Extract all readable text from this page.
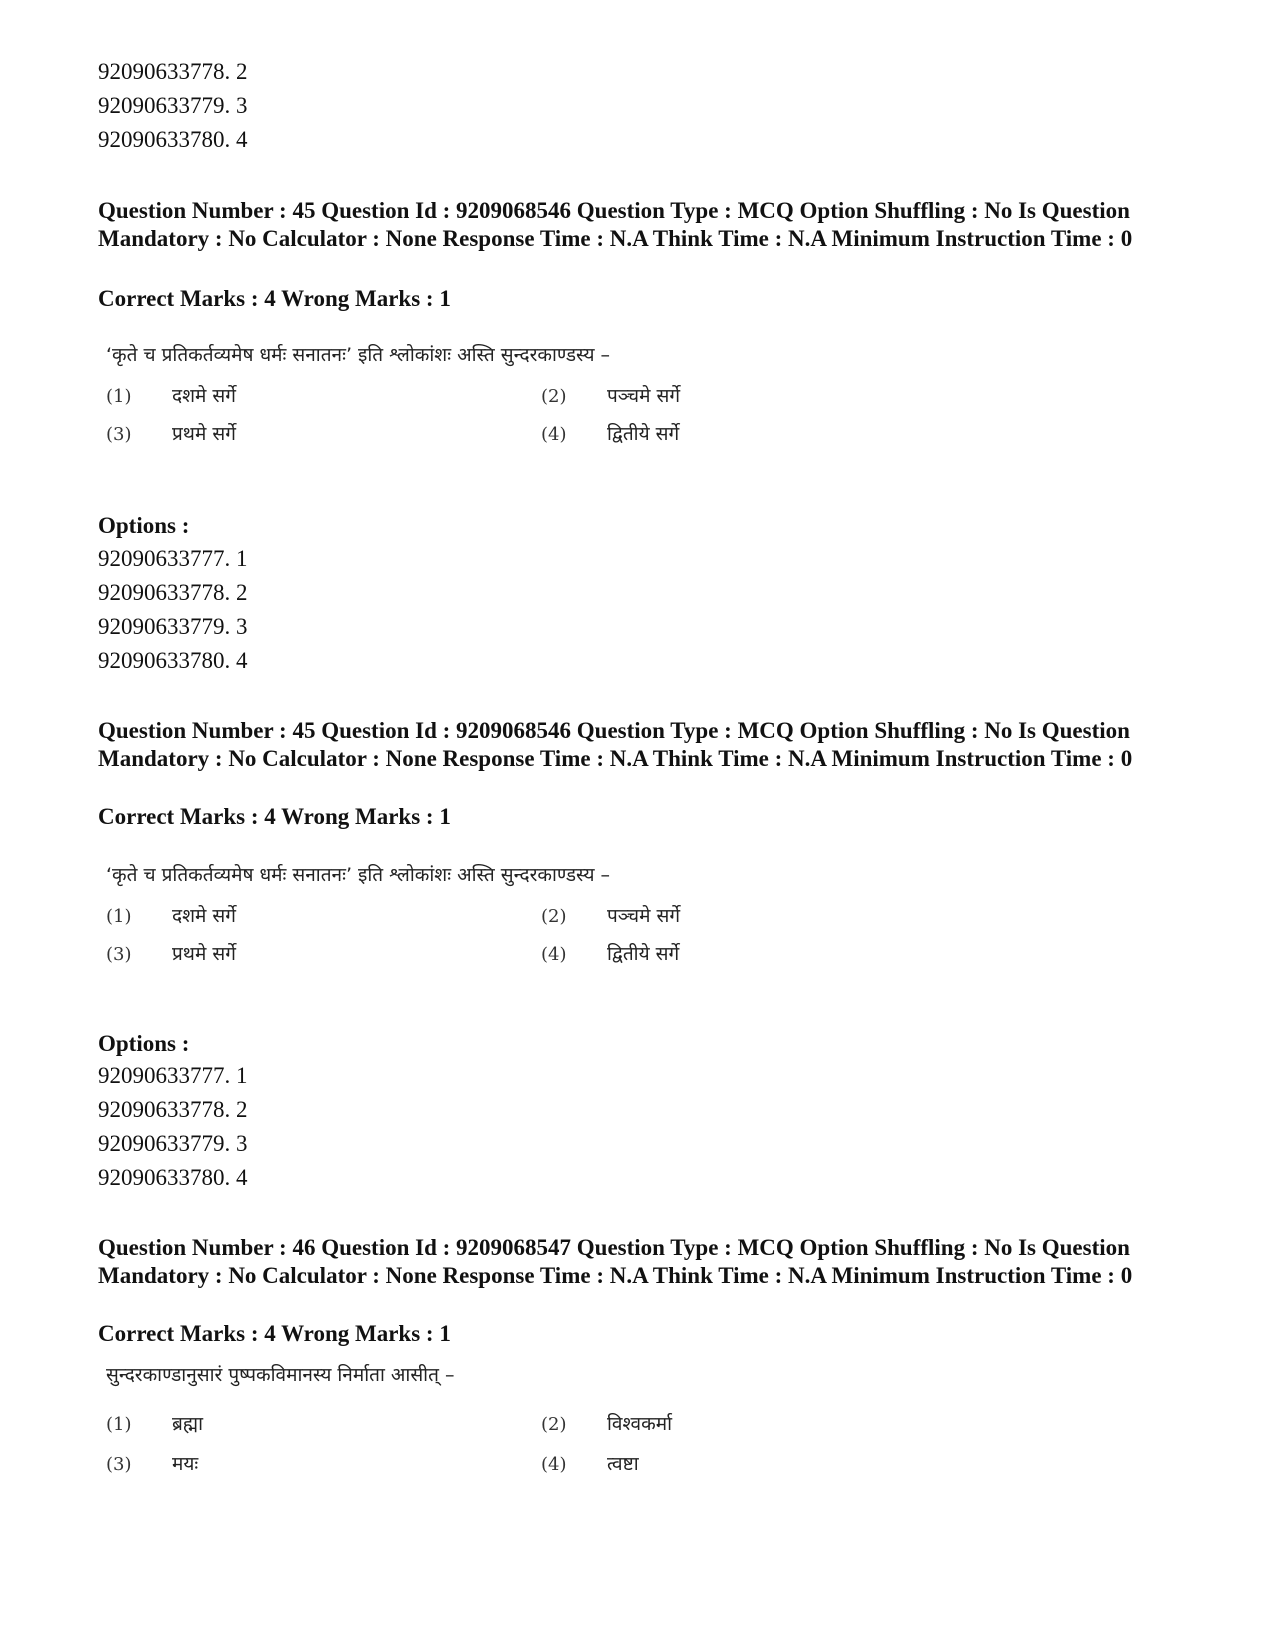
92090633778. 2
92090633779. 3
92090633780. 4
Question Number : 45 Question Id : 9209068546 Question Type : MCQ Option Shuffling : No Is Question Mandatory : No Calculator : None Response Time : N.A Think Time : N.A Minimum Instruction Time : 0
Correct Marks : 4 Wrong Marks : 1
‘कृते च प्रतिकर्तव्यमेष धर्मः सनातनः’ इति श्लोकांशः अस्ति सुन्दरकाण्डस्य –
(1) दशमे सर्गे	(2) पञ्चमे सर्गे
(3) प्रथमे सर्गे	(4) द्वितीये सर्गे
Options :
92090633777. 1
92090633778. 2
92090633779. 3
92090633780. 4
Question Number : 45 Question Id : 9209068546 Question Type : MCQ Option Shuffling : No Is Question Mandatory : No Calculator : None Response Time : N.A Think Time : N.A Minimum Instruction Time : 0
Correct Marks : 4 Wrong Marks : 1
‘कृते च प्रतिकर्तव्यमेष धर्मः सनातनः’ इति श्लोकांशः अस्ति सुन्दरकाण्डस्य –
(1) दशमे सर्गे	(2) पञ्चमे सर्गे
(3) प्रथमे सर्गे	(4) द्वितीये सर्गे
Options :
92090633777. 1
92090633778. 2
92090633779. 3
92090633780. 4
Question Number : 46 Question Id : 9209068547 Question Type : MCQ Option Shuffling : No Is Question Mandatory : No Calculator : None Response Time : N.A Think Time : N.A Minimum Instruction Time : 0
Correct Marks : 4 Wrong Marks : 1
सुन्दरकाण्डानुसारं पुष्पकविमानस्य निर्माता आसीत् –
(1) ब्रह्मा	(2) विश्वकर्मा
(3) मयः	(4) त्वष्टा
